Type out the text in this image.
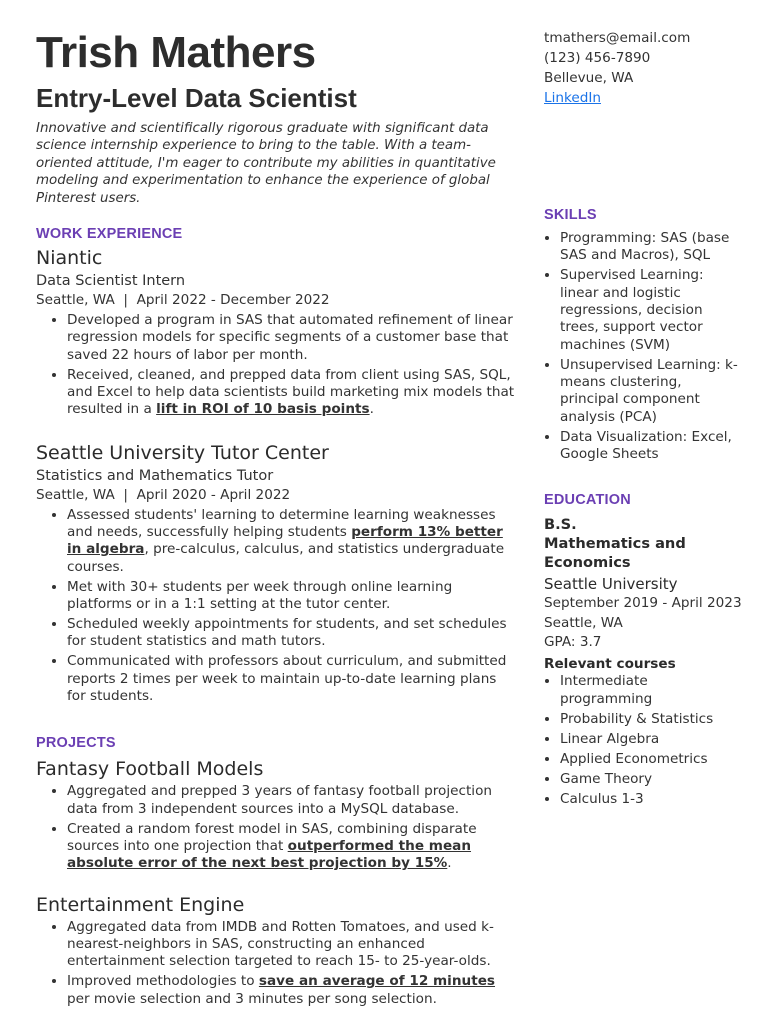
Trish Mathers
Entry-Level Data Scientist

Innovative and scientifically rigorous graduate with significant data science internship experience to bring to the table. With a team-oriented attitude, I'm eager to contribute my abilities in quantitative modeling and experimentation to enhance the experience of global Pinterest users.

WORK EXPERIENCE
Niantic
Data Scientist Intern
Seattle, WA  |  April 2022 - December 2022
• Developed a program in SAS that automated refinement of linear regression models for specific segments of a customer base that saved 22 hours of labor per month.
• Received, cleaned, and prepped data from client using SAS, SQL, and Excel to help data scientists build marketing mix models that resulted in a lift in ROI of 10 basis points.
Seattle University Tutor Center
Statistics and Mathematics Tutor
Seattle, WA  |  April 2020 - April 2022
• Assessed students' learning to determine learning weaknesses and needs, successfully helping students perform 13% better in algebra, pre-calculus, calculus, and statistics undergraduate courses.
• Met with 30+ students per week through online learning platforms or in a 1:1 setting at the tutor center.
• Scheduled weekly appointments for students, and set schedules for student statistics and math tutors.
• Communicated with professors about curriculum, and submitted reports 2 times per week to maintain up-to-date learning plans for students.
PROJECTS
Fantasy Football Models
• Aggregated and prepped 3 years of fantasy football projection data from 3 independent sources into a MySQL database.
• Created a random forest model in SAS, combining disparate sources into one projection that outperformed the mean absolute error of the next best projection by 15%.
Entertainment Engine
• Aggregated data from IMDB and Rotten Tomatoes, and used k-nearest-neighbors in SAS, constructing an enhanced entertainment selection targeted to reach 15- to 25-year-olds.
• Improved methodologies to save an average of 12 minutes per movie selection and 3 minutes per song selection.
tmathers@email.com
(123) 456-7890
Bellevue, WA
LinkedIn
SKILLS
• Programming: SAS (base SAS and Macros), SQL
• Supervised Learning: linear and logistic regressions, decision trees, support vector machines (SVM)
• Unsupervised Learning: k-means clustering, principal component analysis (PCA)
• Data Visualization: Excel, Google Sheets
EDUCATION
B.S.
Mathematics and Economics
Seattle University
September 2019 - April 2023
Seattle, WA
GPA: 3.7
Relevant courses
• Intermediate programming
• Probability & Statistics
• Linear Algebra
• Applied Econometrics
• Game Theory
• Calculus 1-3
